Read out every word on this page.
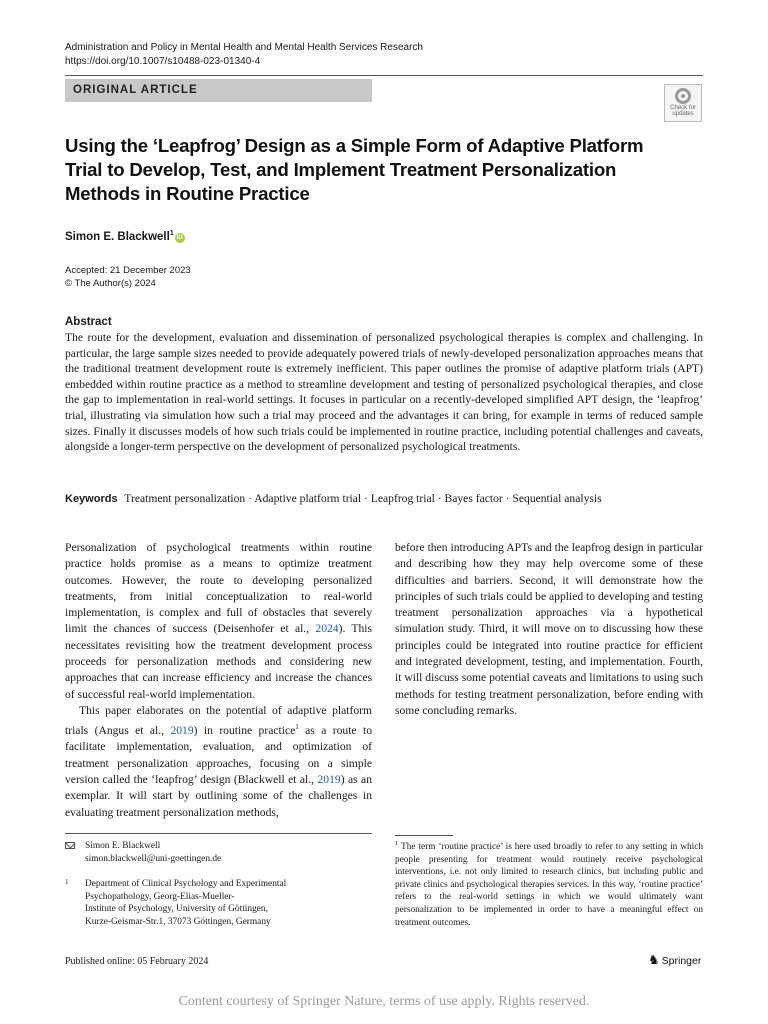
Administration and Policy in Mental Health and Mental Health Services Research
https://doi.org/10.1007/s10488-023-01340-4
ORIGINAL ARTICLE
Check for updates
Using the ‘Leapfrog’ Design as a Simple Form of Adaptive Platform Trial to Develop, Test, and Implement Treatment Personalization Methods in Routine Practice
Simon E. Blackwell$^1$iD
Accepted: 21 December 2023
© The Author(s) 2024
Abstract
The route for the development, evaluation and dissemination of personalized psychological therapies is complex and challenging. In particular, the large sample sizes needed to provide adequately powered trials of newly-developed personalization approaches means that the traditional treatment development route is extremely inefficient. This paper outlines the promise of adaptive platform trials (APT) embedded within routine practice as a method to streamline development and testing of personalized psychological therapies, and close the gap to implementation in real-world settings. It focuses in particular on a recently-developed simplified APT design, the ‘leapfrog’ trial, illustrating via simulation how such a trial may proceed and the advantages it can bring, for example in terms of reduced sample sizes. Finally it discusses models of how such trials could be implemented in routine practice, including potential challenges and caveats, alongside a longer-term perspective on the development of personalized psychological treatments.
Keywords Treatment personalization · Adaptive platform trial · Leapfrog trial · Bayes factor · Sequential analysis

Personalization of psychological treatments within routine practice holds promise as a means to optimize treatment outcomes. However, the route to developing personalized treatments, from initial conceptualization to real-world implementation, is complex and full of obstacles that severely limit the chances of success (Deisenhofer et al., 2024). This necessitates revisiting how the treatment development process proceeds for personalization methods and considering new approaches that can increase efficiency and increase the chances of successful real-world implementation.

This paper elaborates on the potential of adaptive platform trials (Angus et al., 2019) in routine practice$^1$ as a route to facilitate implementation, evaluation, and optimization of treatment personalization approaches, focusing on a simple version called the ‘leapfrog’ design (Blackwell et al., 2019) as an exemplar. It will start by outlining some of the challenges in evaluating treatment personalization methods,

before then introducing APTs and the leapfrog design in particular and describing how they may help overcome some of these difficulties and barriers. Second, it will demonstrate how the principles of such trials could be applied to developing and testing treatment personalization approaches via a hypothetical simulation study. Third, it will move on to discussing how these principles could be integrated into routine practice for efficient and integrated development, testing, and implementation. Fourth, it will discuss some potential caveats and limitations to using such methods for testing treatment personalization, before ending with some concluding remarks.

Simon E. Blackwell
simon.blackwell@uni-goettingen.de
1 Department of Clinical Psychology and Experimental
Psychopathology, Georg-Elias-Mueller-
Institute of Psychology, University of Göttingen,
Kurze-Geismar-Str.1, 37073 Göttingen, Germany
$^1$ The term ‘routine practice’ is here used broadly to refer to any setting in which people presenting for treatment would routinely receive psychological interventions, i.e. not only limited to research clinics, but including public and private clinics and psychological therapies services. In this way, ‘routine practice’ refers to the real-world settings in which we would ultimately want personalization to be implemented in order to have a meaningful effect on treatment outcomes.
Published online: 05 February 2024	♞ Springer
Content courtesy of Springer Nature, terms of use apply. Rights reserved.
